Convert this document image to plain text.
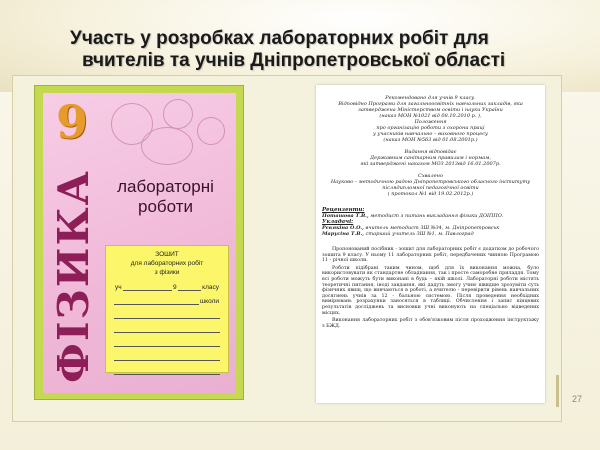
Участь у розробках лабораторних робіт для
вчителів та учнів Дніпропетровської області
9
ФІЗИКА	лабораторні
роботи
ЗОШИТ
для лабораторних робіт
з фізики
уч	9	класу
школи
Рекомендовано для учнів 9 класу.
Відповідно Програми для загальноосвітніх навчальних закладів, яка
затверджена Міністерством освіти і науки України
(наказ МОН №1021 від 08.10.2010 р. ),
Положення
про організацію роботи з охорони праці
у учасників навчально – виховного процесу
(наказ МОН №563 від 01.08.2001р.)
Видання відповідає
Державним санітарним правилам і нормам,
які затверджені наказом МОЗ 2013від 16.01.2007р.
Схвалено
Науково – методичною радою Дніпропетровського обласного інституту
післядипломної педагогічної освіти
( протокол №1 від 19.02.2012р.)
Рецензенти:
Поташова Т.В., методист з питань викладання фізики ДОІППО.
Укладачі:
Рєвякіна О.О., вчитель методист ЗШ №34, м. Дніпропетровськ
Марусіна Т.В., старший учитель ЗШ №1, м. Павлоград
Пропонований посібник - зошит для лабораторних робіт є додатком до робочого зошита 9 класу. У ньому 11 лабораторних робіт, передбачених чинною Програмою 11 - річної школи.
Роботи підібрані таким чином, щоб для їх виконання можна, було використовувати як стандартне обладнання, так і просте саморобне приладдя. Тому всі роботи можуть бути виконані в будь – якій школі. Лабораторні роботи містять теоретичні питання, іноді завдання, які дадуть змогу учню швидше зрозуміти суть фізичних явищ, що вивчаються в роботі, а вчителю - перевірити рівень навчальних досягнень учнів за 12 - бальною системою. Після проведення необхідних вимірювань розрахунки заносяться в таблиці. Обчислення і запис кінцевих результатів досліджень та висновки учні виконують на спеціально відведених місцях.
Виконання лабораторних робіт з обов'язковим після проходження інструктажу з БЖД.
27
